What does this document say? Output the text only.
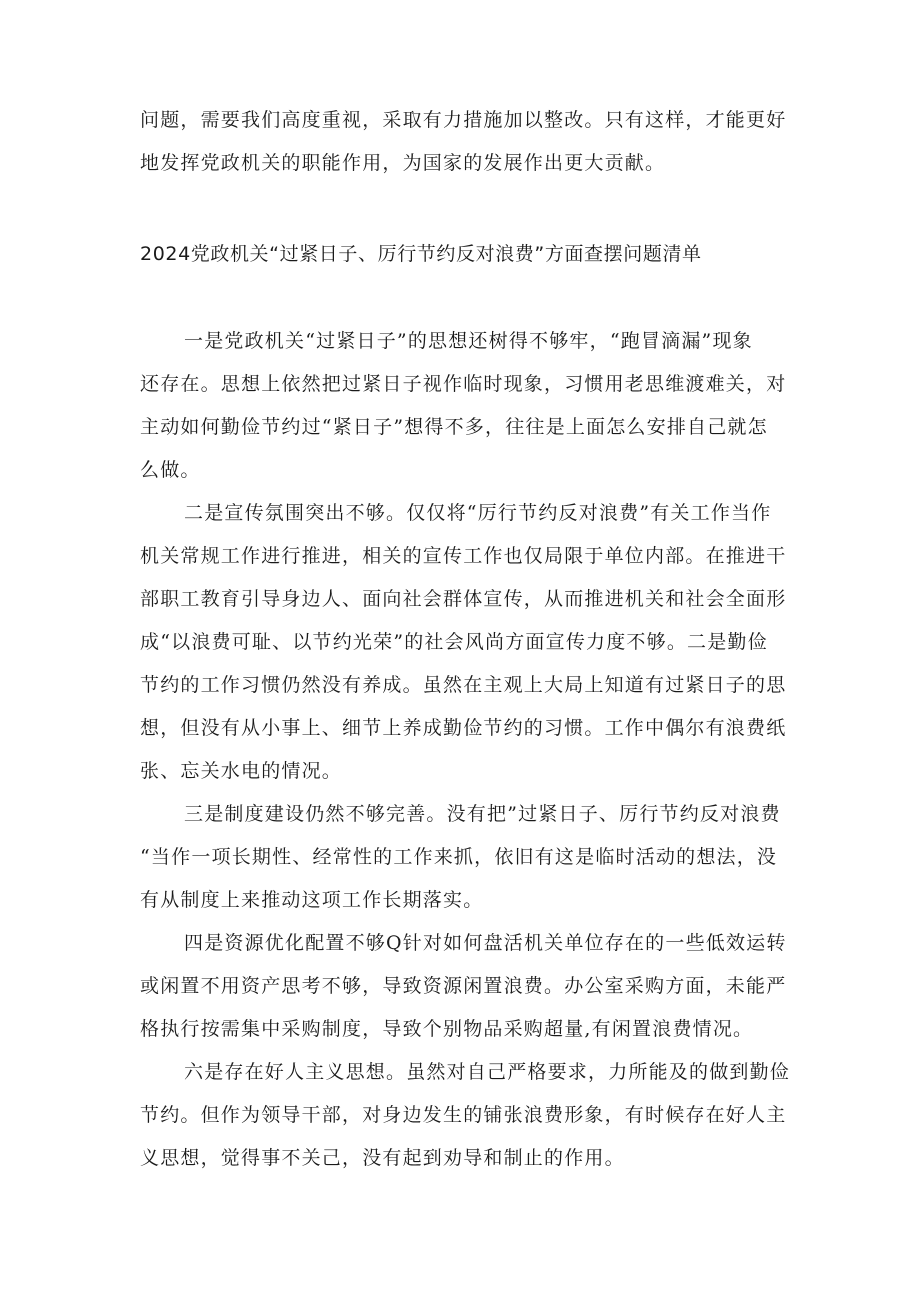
问题，需要我们高度重视，采取有力措施加以整改。只有这样，才能更好
地发挥党政机关的职能作用，为国家的发展作出更大贡献。
2024党政机关“过紧日子、厉行节约反对浪费”方面查摆问题清单
一是党政机关“过紧日子”的思想还树得不够牢，“跑冒滴漏”现象
还存在。思想上依然把过紧日子视作临时现象，习惯用老思维渡难关，对
主动如何勤俭节约过“紧日子”想得不多，往往是上面怎么安排自己就怎
么做。
二是宣传氛围突出不够。仅仅将“厉行节约反对浪费”有关工作当作
机关常规工作进行推进，相关的宣传工作也仅局限于单位内部。在推进干
部职工教育引导身边人、面向社会群体宣传，从而推进机关和社会全面形
成“以浪费可耻、以节约光荣”的社会风尚方面宣传力度不够。二是勤俭
节约的工作习惯仍然没有养成。虽然在主观上大局上知道有过紧日子的思
想，但没有从小事上、细节上养成勤俭节约的习惯。工作中偶尔有浪费纸
张、忘关水电的情况。
三是制度建设仍然不够完善。没有把”过紧日子、厉行节约反对浪费
“当作一项长期性、经常性的工作来抓，依旧有这是临时活动的想法，没
有从制度上来推动这项工作长期落实。
四是资源优化配置不够Q针对如何盘活机关单位存在的一些低效运转
或闲置不用资产思考不够，导致资源闲置浪费。办公室采购方面，未能严
格执行按需集中采购制度，导致个别物品采购超量,有闲置浪费情况。
六是存在好人主义思想。虽然对自己严格要求，力所能及的做到勤俭
节约。但作为领导干部，对身边发生的铺张浪费形象，有时候存在好人主
义思想，觉得事不关己，没有起到劝导和制止的作用。
